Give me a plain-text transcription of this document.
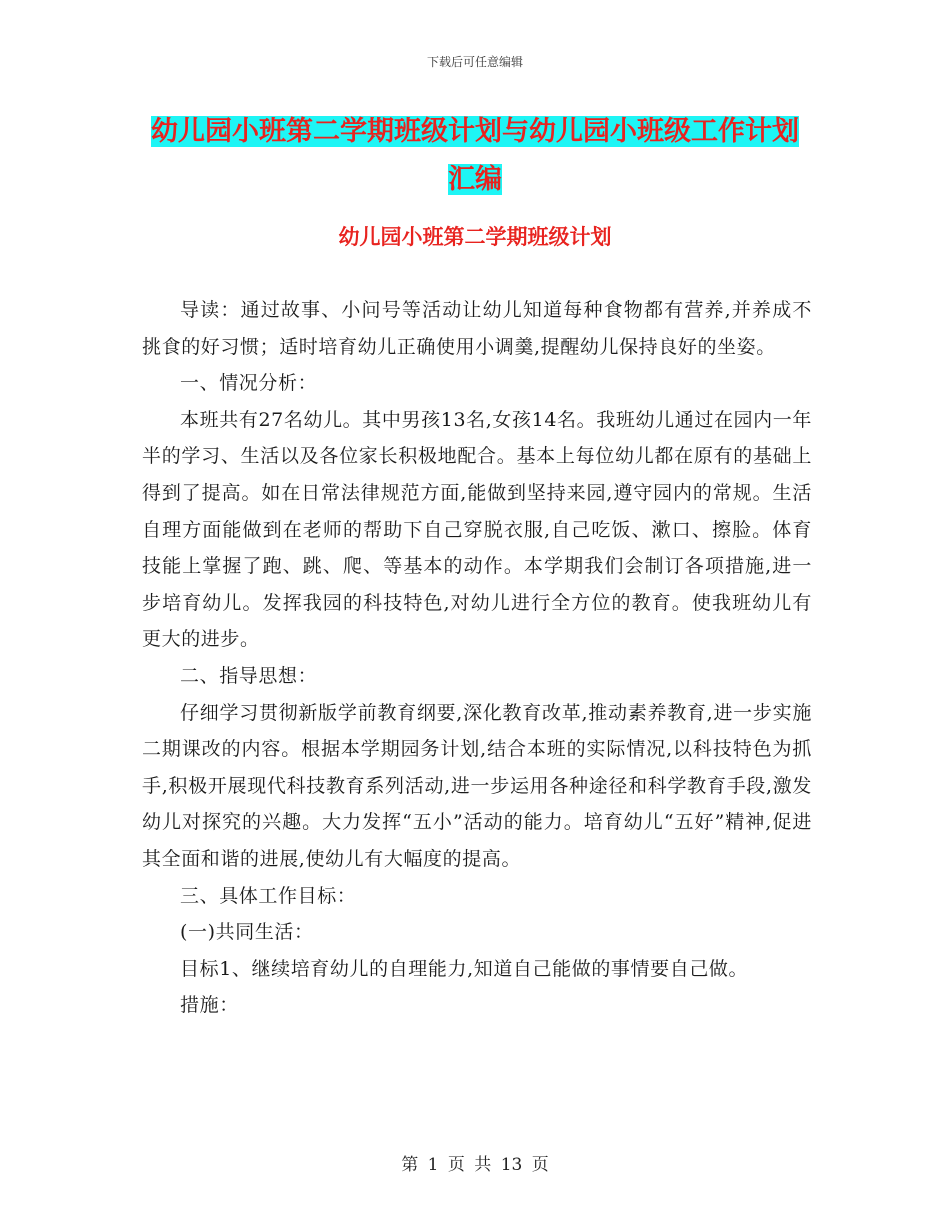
下载后可任意编辑
幼儿园小班第二学期班级计划与幼儿园小班级工作计划汇编
幼儿园小班第二学期班级计划

导读：通过故事、小问号等活动让幼儿知道每种食物都有营养,并养成不挑食的好习惯；适时培育幼儿正确使用小调羹,提醒幼儿保持良好的坐姿。

一、情况分析：

本班共有27名幼儿。其中男孩13名,女孩14名。我班幼儿通过在园内一年半的学习、生活以及各位家长积极地配合。基本上每位幼儿都在原有的基础上得到了提高。如在日常法律规范方面,能做到坚持来园,遵守园内的常规。生活自理方面能做到在老师的帮助下自己穿脱衣服,自己吃饭、漱口、擦脸。体育技能上掌握了跑、跳、爬、等基本的动作。本学期我们会制订各项措施,进一步培育幼儿。发挥我园的科技特色,对幼儿进行全方位的教育。使我班幼儿有更大的进步。

二、指导思想：

仔细学习贯彻新版学前教育纲要,深化教育改革,推动素养教育,进一步实施二期课改的内容。根据本学期园务计划,结合本班的实际情况,以科技特色为抓手,积极开展现代科技教育系列活动,进一步运用各种途径和科学教育手段,激发幼儿对探究的兴趣。大力发挥“五小”活动的能力。培育幼儿“五好”精神,促进其全面和谐的进展,使幼儿有大幅度的提高。

三、具体工作目标：

(一)共同生活：

目标1、继续培育幼儿的自理能力,知道自己能做的事情要自己做。

措施：

第 1 页 共 13 页
